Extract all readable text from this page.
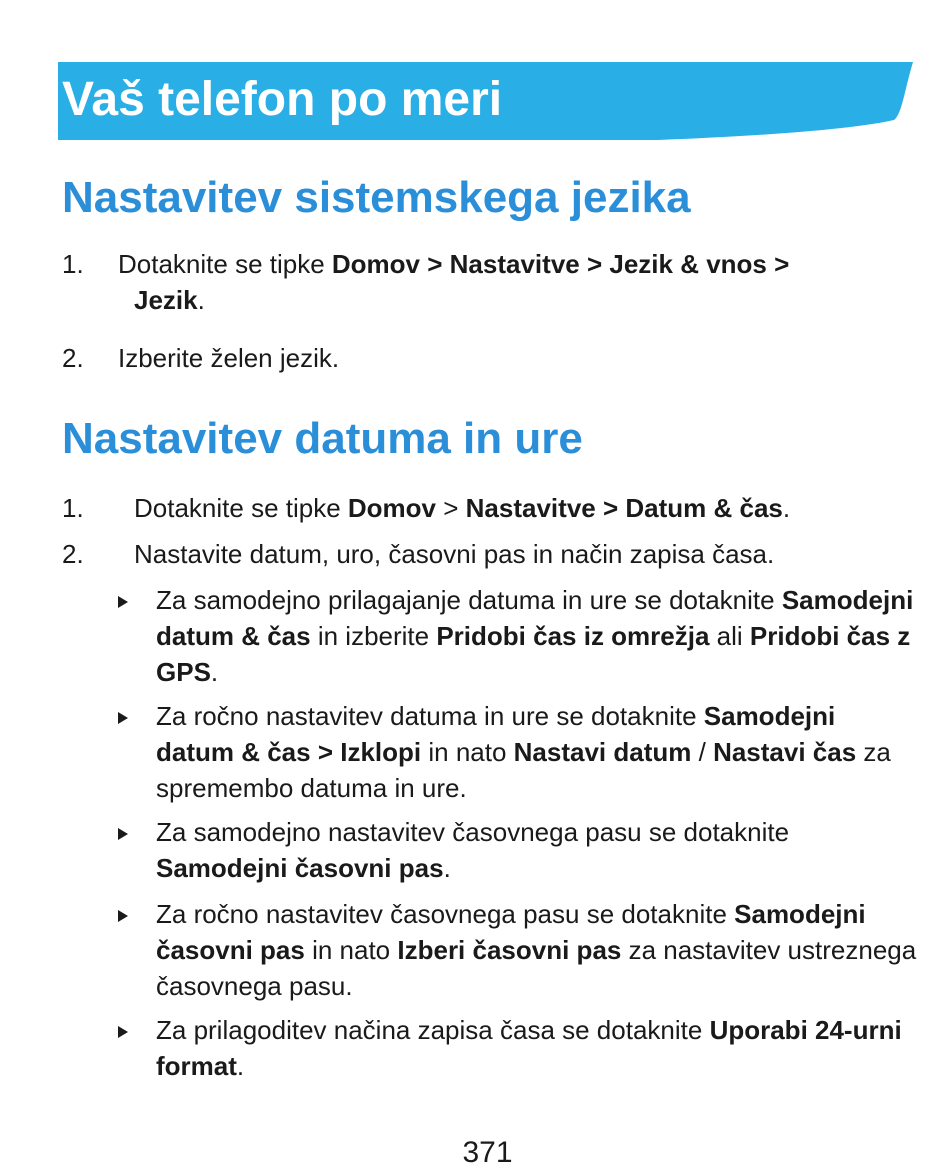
Vaš telefon po meri
Nastavitev sistemskega jezika
1. Dotaknite se tipke Domov > Nastavitve > Jezik & vnos >
Jezik.
2. Izberite želen jezik.
Nastavitev datuma in ure
1. Dotaknite se tipke Domov > Nastavitve > Datum & čas.
2. Nastavite datum, uro, časovni pas in način zapisa časa.
Za samodejno prilagajanje datuma in ure se dotaknite Samodejni datum & čas in izberite Pridobi čas iz omrežja ali Pridobi čas z GPS.
Za ročno nastavitev datuma in ure se dotaknite Samodejni datum & čas > Izklopi in nato Nastavi datum / Nastavi čas za spremembo datuma in ure.
Za samodejno nastavitev časovnega pasu se dotaknite Samodejni časovni pas.
Za ročno nastavitev časovnega pasu se dotaknite Samodejni časovni pas in nato Izberi časovni pas za nastavitev ustreznega časovnega pasu.
Za prilagoditev načina zapisa časa se dotaknite Uporabi 24-urni format.
371
